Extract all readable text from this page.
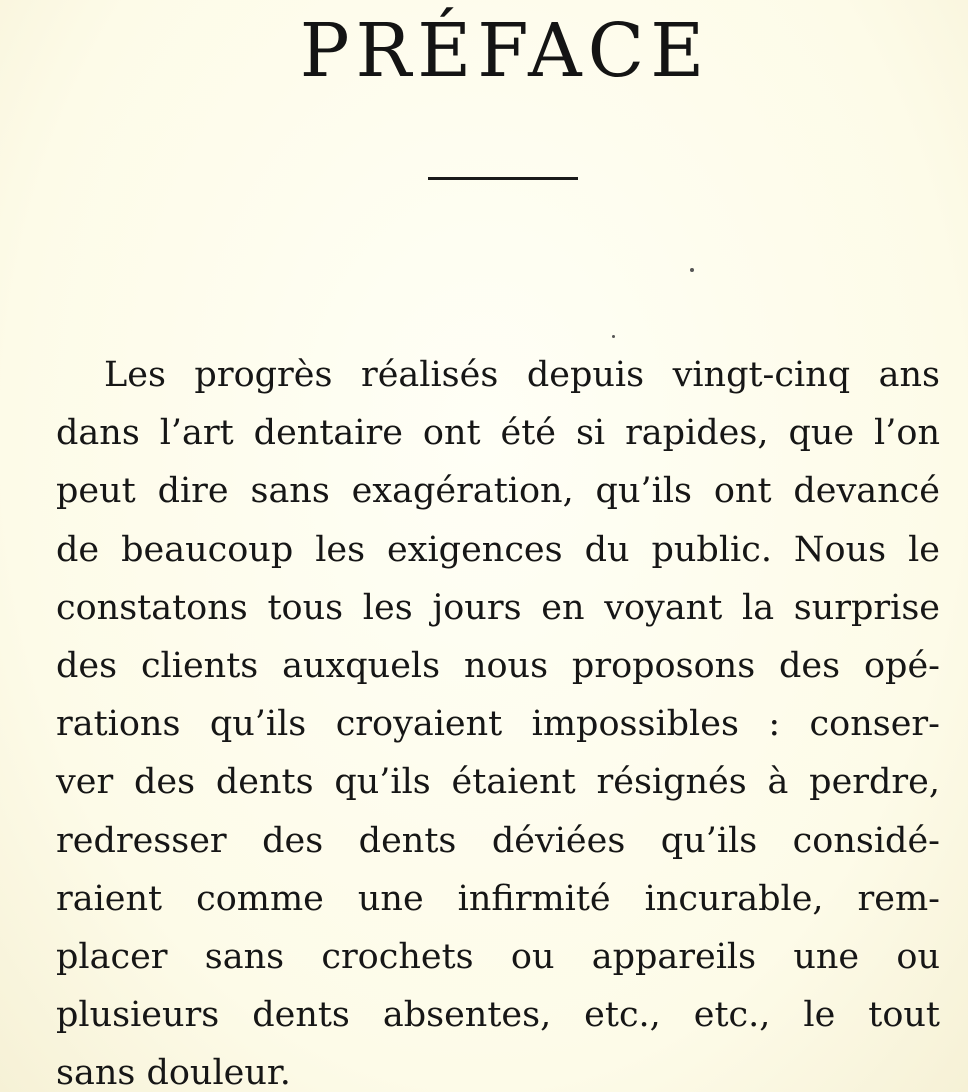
PRÉFACE
Les progrès réalisés depuis vingt-cinq ans
dans l’art dentaire ont été si rapides, que l’on
peut dire sans exagération, qu’ils ont devancé
de beaucoup les exigences du public. Nous le
constatons tous les jours en voyant la surprise
des clients auxquels nous proposons des opé-
rations qu’ils croyaient impossibles : conser-
ver des dents qu’ils étaient résignés à perdre,
redresser des dents déviées qu’ils considé-
raient comme une infirmité incurable, rem-
placer sans crochets ou appareils une ou
plusieurs dents absentes, etc., etc., le tout
sans douleur.
